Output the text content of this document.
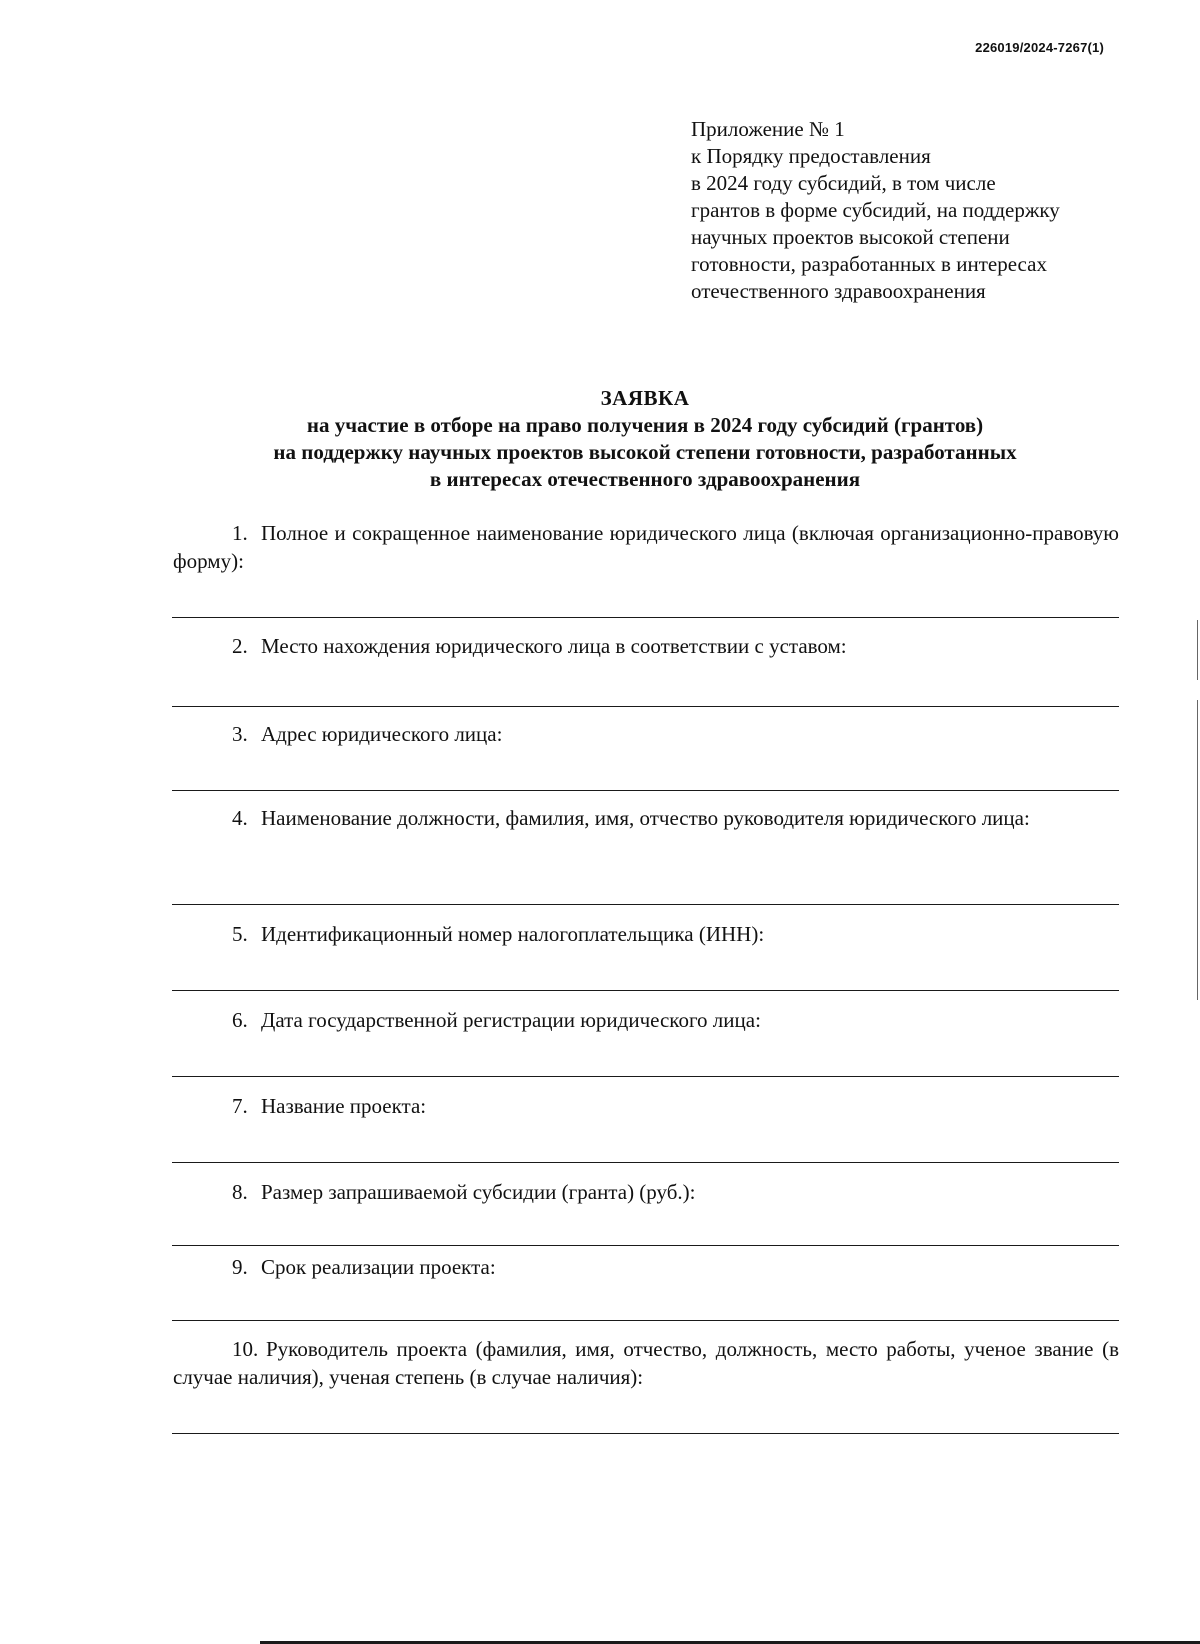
226019/2024-7267(1)
Приложение № 1
к Порядку предоставления
в 2024 году субсидий, в том числе
грантов в форме субсидий, на поддержку
научных проектов высокой степени
готовности, разработанных в интересах
отечественного здравоохранения
ЗАЯВКА
на участие в отборе на право получения в 2024 году субсидий (грантов)
на поддержку научных проектов высокой степени готовности, разработанных
в интересах отечественного здравоохранения
1. Полное и сокращенное наименование юридического лица (включая организационно-правовую форму):
2. Место нахождения юридического лица в соответствии с уставом:
3. Адрес юридического лица:
4. Наименование должности, фамилия, имя, отчество руководителя юридического лица:
5. Идентификационный номер налогоплательщика (ИНН):
6. Дата государственной регистрации юридического лица:
7. Название проекта:
8. Размер запрашиваемой субсидии (гранта) (руб.):
9. Срок реализации проекта:
10. Руководитель проекта (фамилия, имя, отчество, должность, место работы, ученое звание (в случае наличия), ученая степень (в случае наличия):
